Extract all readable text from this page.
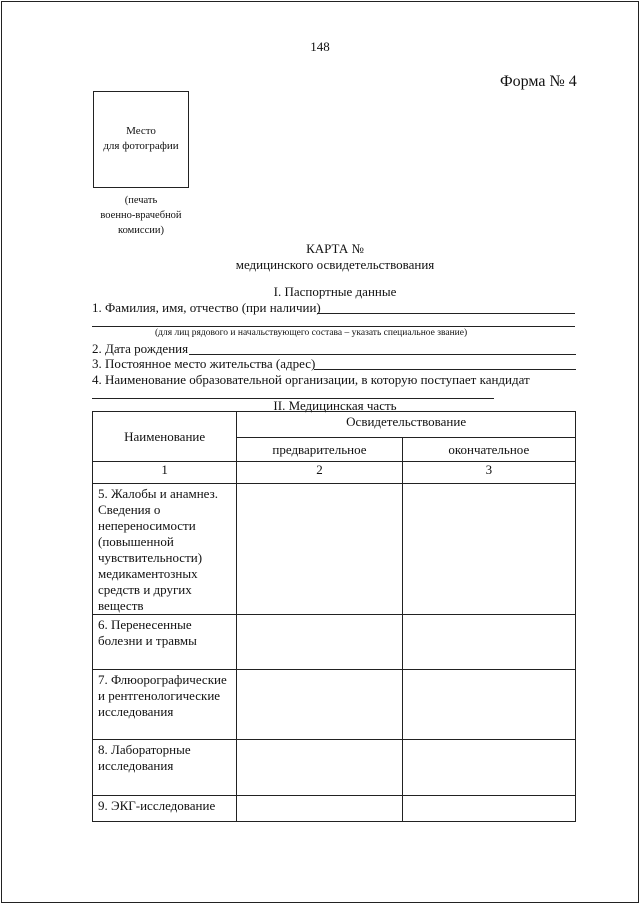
148
Форма № 4
Место
для фотографии
(печать
военно-врачебной
комиссии)
КАРТА №
медицинского освидетельствования
I. Паспортные данные
1. Фамилия, имя, отчество (при наличии)
(для лиц рядового и начальствующего состава – указать специальное звание)
2. Дата рождения
3. Постоянное место жительства (адрес)
4. Наименование образовательной организации, в которую поступает кандидат
II. Медицинская часть
Наименование	Освидетельствование	
	предварительное	окончательное
1	2	3
5. Жалобы и анамнез. Сведения о непереносимости (повышенной чувствительности) медикаментозных средств и других веществ		
6. Перенесенные болезни и травмы		
7. Флюорографические и рентгенологические исследования		
8. Лабораторные исследования		
9. ЭКГ-исследование		
